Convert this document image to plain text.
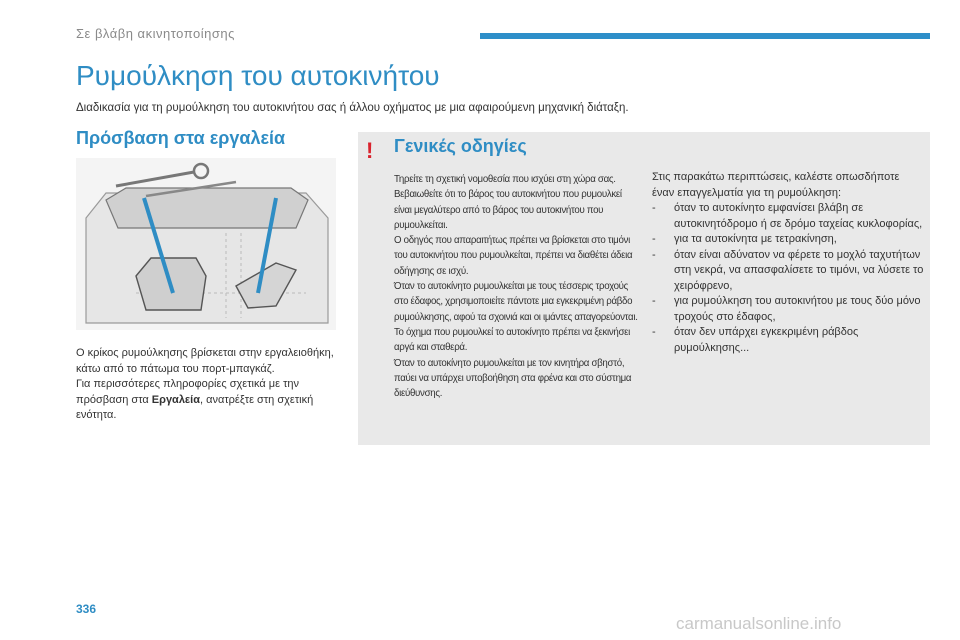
Σε βλάβη ακινητοποίησης
Ρυμούλκηση του αυτοκινήτου
Διαδικασία για τη ρυμούλκηση του αυτοκινήτου σας ή άλλου οχήματος με μια αφαιρούμενη μηχανική διάταξη.
Πρόσβαση στα εργαλεία

Ο κρίκος ρυμούλκησης βρίσκεται στην εργαλειοθήκη, κάτω από το πάτωμα του πορτ-μπαγκάζ.

Για περισσότερες πληροφορίες σχετικά με την πρόσβαση στα Εργαλεία, ανατρέξτε στη σχετική ενότητα.

! Γενικές οδηγίες

Τηρείτε τη σχετική νομοθεσία που ισχύει στη χώρα σας.

Βεβαιωθείτε ότι το βάρος του αυτοκινήτου που ρυμουλκεί είναι μεγαλύτερο από το βάρος του αυτοκινήτου που ρυμουλκείται.

Ο οδηγός που απαραιτήτως πρέπει να βρίσκεται στο τιμόνι του αυτοκινήτου που ρυμουλκείται, πρέπει να διαθέτει άδεια οδήγησης σε ισχύ.

Όταν το αυτοκίνητο ρυμουλκείται με τους τέσσερις τροχούς στο έδαφος, χρησιμοποιείτε πάντοτε μια εγκεκριμένη ράβδο ρυμούλκησης, αφού τα σχοινιά και οι ιμάντες απαγορεύονται.

Το όχημα που ρυμουλκεί το αυτοκίνητο πρέπει να ξεκινήσει αργά και σταθερά.

Όταν το αυτοκίνητο ρυμουλκείται με τον κινητήρα σβηστό, παύει να υπάρχει υποβοήθηση στα φρένα και στο σύστημα διεύθυνσης.

Στις παρακάτω περιπτώσεις, καλέστε οπωσδήποτε έναν επαγγελματία για τη ρυμούλκηση:

- όταν το αυτοκίνητο εμφανίσει βλάβη σε αυτοκινητόδρομο ή σε δρόμο ταχείας κυκλοφορίας,
- για τα αυτοκίνητα με τετρακίνηση,
- όταν είναι αδύνατον να φέρετε το μοχλό ταχυτήτων στη νεκρά, να απασφαλίσετε το τιμόνι, να λύσετε το χειρόφρενο,
- για ρυμούλκηση του αυτοκινήτου με τους δύο μόνο τροχούς στο έδαφος,
- όταν δεν υπάρχει εγκεκριμένη ράβδος ρυμούλκησης...
336
carmanualsonline.info
